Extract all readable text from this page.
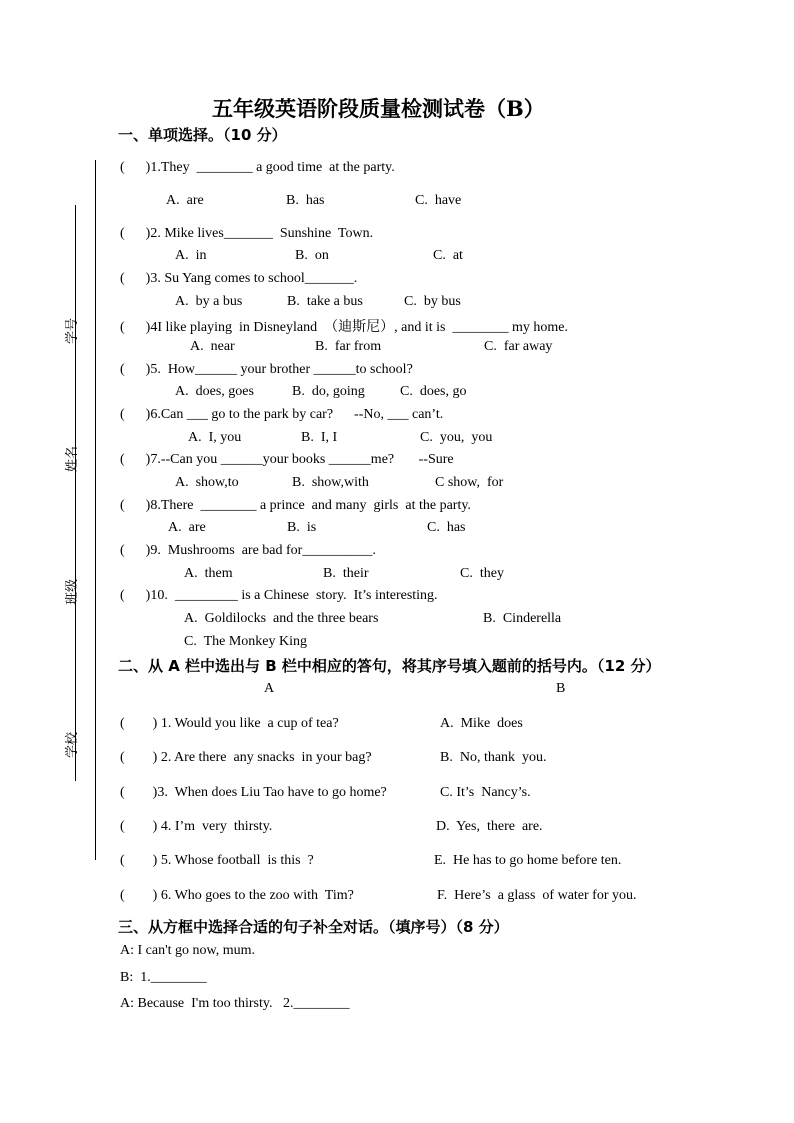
五年级英语阶段质量检测试卷（B）
学号
姓名
班级
学校
一、单项选择。（10 分）
(      )1.They  ________ a good time  at the party.
A.  are	B.  has	C.  have
(      )2. Mike lives_______  Sunshine  Town.
A.  in	B.  on	C.  at
(      )3. Su Yang comes to school_______.
A.  by a bus	B.  take a bus	C.  by bus
(      )4I like playing  in Disneyland  （迪斯尼）, and it is  ________ my home.
A.  near	B.  far from	C.  far away
(      )5.  How______ your brother ______to school?
A.  does, goes	B.  do, going	C.  does, go
(      )6.Can ___ go to the park by car?      --No, ___ can’t.
A.  I, you	B.  I, I	C.  you,  you
(      )7.--Can you ______your books ______me?       --Sure
A.  show,to	B.  show,with	C show,  for
(      )8.There  ________ a prince  and many  girls  at the party.
A.  are	B.  is	C.  has
(      )9.  Mushrooms  are bad for__________.
A.  them	B.  their	C.  they
(      )10.  _________ is a Chinese  story.  It’s interesting.
A.  Goldilocks  and the three bears	B.  Cinderella
C.  The Monkey King
二、从 A 栏中选出与 B 栏中相应的答句，将其序号填入题前的括号内。（12 分）
A	B
(        ) 1. Would you like  a cup of tea?	A.  Mike  does
(        ) 2. Are there  any snacks  in your bag?	B.  No, thank  you.
(        )3.  When does Liu Tao have to go home?	C. It’s  Nancy’s.
(        ) 4. I’m  very  thirsty.	D.  Yes,  there  are.
(        ) 5. Whose football  is this  ?	E.  He has to go home before ten.
(        ) 6. Who goes to the zoo with  Tim?	F.  Here’s  a glass  of water for you.
三、从方框中选择合适的句子补全对话。（填序号）（8 分）
A: I can't go now, mum.
B:  1.________
A: Because  I'm too thirsty.   2.________
